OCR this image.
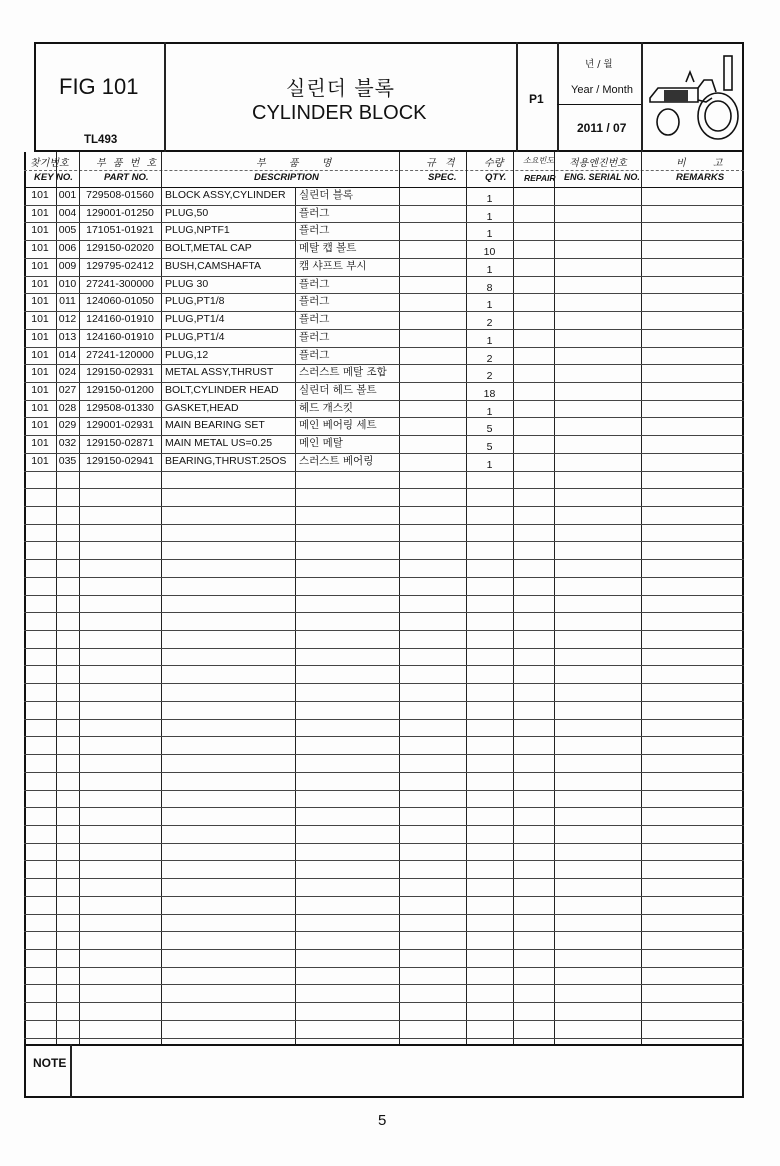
FIG 101
TL493
실린더 블록
CYLINDER BLOCK
P1
년 / 월
Year / Month
2011 / 07
찾기번호
KEY NO.
부 품 번 호
PART NO.
부 품 명
DESCRIPTION
규 격
SPEC.
수량
QTY.
소요빈도
REPAIR
적용엔진번호
ENG. SERIAL NO.
비 고
REMARKS
101 001 729508-01560	BLOCK ASSY,CYLINDER	실린더 블록	1
101 004 129001-01250	PLUG,50	플러그	1
101 005 171051-01921	PLUG,NPTF1	플러그	1
101 006 129150-02020	BOLT,METAL CAP	메탈 캡 볼트	10
101 009 129795-02412	BUSH,CAMSHAFTA	캠 샤프트 부시	1
101 010 27241-300000	PLUG 30	플러그	8
101 011 124060-01050	PLUG,PT1/8	플러그	1
101 012 124160-01910	PLUG,PT1/4	플러그	2
101 013 124160-01910	PLUG,PT1/4	플러그	1
101 014 27241-120000	PLUG,12	플러그	2
101 024 129150-02931	METAL ASSY,THRUST	스러스트 메탈 조합	2
101 027 129150-01200	BOLT,CYLINDER HEAD	실린더 헤드 볼트	18
101 028 129508-01330	GASKET,HEAD	헤드 개스킷	1
101 029 129001-02931	MAIN BEARING SET	메인 베어링 세트	5
101 032 129150-02871	MAIN METAL US=0.25	메인 메탈	5
101 035 129150-02941	BEARING,THRUST.25OS	스러스트 베어링	1
NOTE
5
